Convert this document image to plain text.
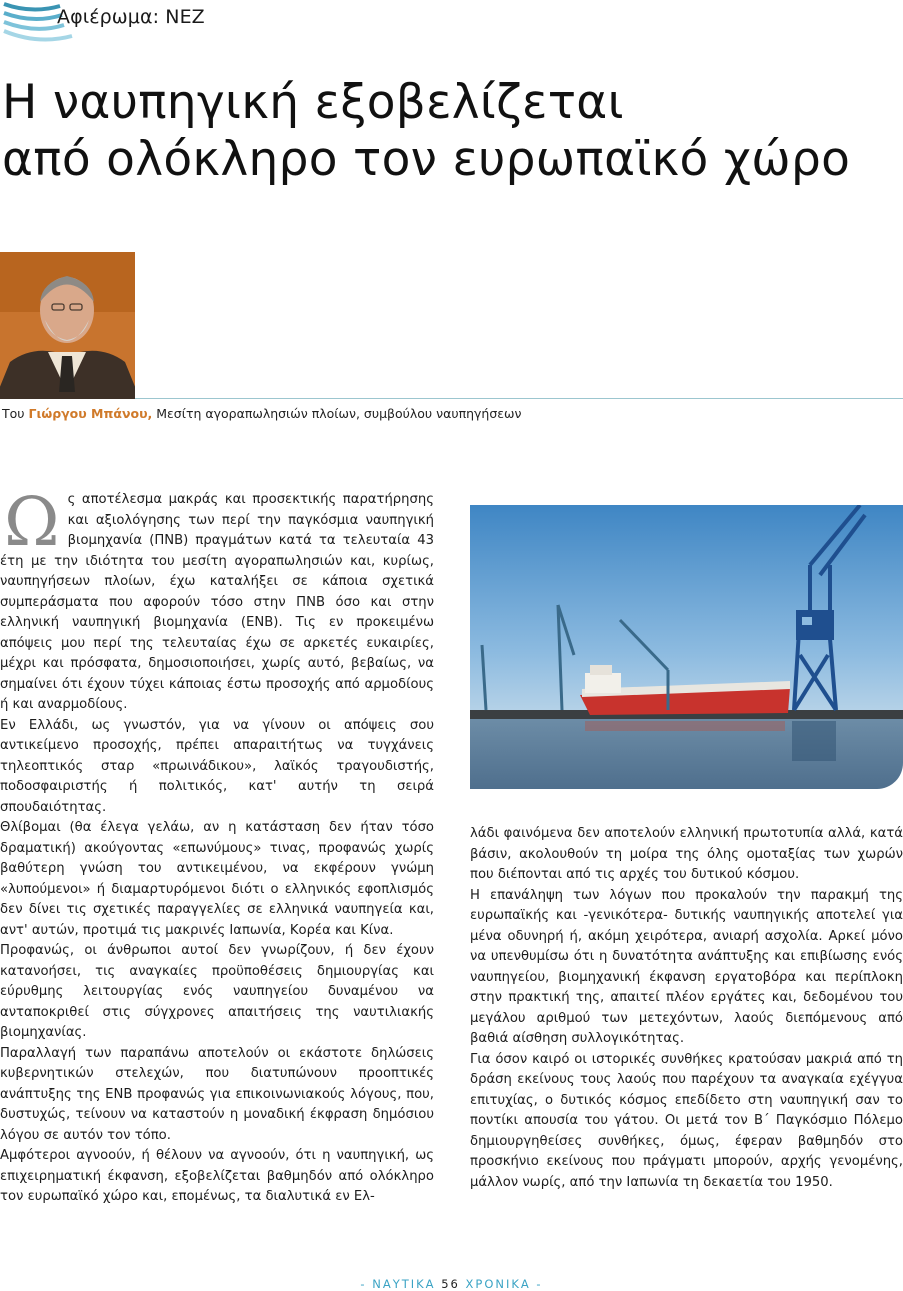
Αφιέρωμα: ΝΕΖ
Η ναυπηγική εξοβελίζεται
από ολόκληρο τον ευρωπαϊκό χώρο
Του Γιώργου Μπάνου, Μεσίτη αγοραπωλησιών πλοίων, συμβούλου ναυπηγήσεων

Ως αποτέλεσμα μακράς και προσεκτικής παρατήρησης και αξιολόγησης των περί την παγκόσμια ναυπηγική βιομηχανία (ΠΝΒ) πραγμάτων κατά τα τελευταία 43 έτη με την ιδιότητα του μεσίτη αγοραπωλησιών και, κυρίως, ναυπηγήσεων πλοίων, έχω καταλήξει σε κάποια σχετικά συμπεράσματα που αφορούν τόσο στην ΠΝΒ όσο και στην ελληνική ναυπηγική βιομηχανία (ΕΝΒ). Τις εν προκειμένω απόψεις μου περί της τελευταίας έχω σε αρκετές ευκαιρίες, μέχρι και πρόσφατα, δημοσιοποιήσει, χωρίς αυτό, βεβαίως, να σημαίνει ότι έχουν τύχει κάποιας έστω προσοχής από αρμοδίους ή και αναρμοδίους.

Εν Ελλάδι, ως γνωστόν, για να γίνουν οι απόψεις σου αντικείμενο προσοχής, πρέπει απαραιτήτως να τυγχάνεις τηλεοπτικός σταρ «πρωινάδικου», λαϊκός τραγουδιστής, ποδοσφαιριστής ή πολιτικός, κατ' αυτήν τη σειρά σπουδαιότητας.

Θλίβομαι (θα έλεγα γελάω, αν η κατάσταση δεν ήταν τόσο δραματική) ακούγοντας «επωνύμους» τινας, προφανώς χωρίς βαθύτερη γνώση του αντικειμένου, να εκφέρουν γνώμη «λυπούμενοι» ή διαμαρτυρόμενοι διότι ο ελληνικός εφοπλισμός δεν δίνει τις σχετικές παραγγελίες σε ελληνικά ναυπηγεία και, αντ' αυτών, προτιμά τις μακρινές Ιαπωνία, Κορέα και Κίνα.

Προφανώς, οι άνθρωποι αυτοί δεν γνωρίζουν, ή δεν έχουν κατανοήσει, τις αναγκαίες προϋποθέσεις δημιουργίας και εύρυθμης λειτουργίας ενός ναυπηγείου δυναμένου να ανταποκριθεί στις σύγχρονες απαιτήσεις της ναυτιλιακής βιομηχανίας.

Παραλλαγή των παραπάνω αποτελούν οι εκάστοτε δηλώσεις κυβερνητικών στελεχών, που διατυπώνουν προοπτικές ανάπτυξης της ΕΝΒ προφανώς για επικοινωνιακούς λόγους, που, δυστυχώς, τείνουν να καταστούν η μοναδική έκφραση δημόσιου λόγου σε αυτόν τον τόπο.

Αμφότεροι αγνοούν, ή θέλουν να αγνοούν, ότι η ναυπηγική, ως επιχειρηματική έκφανση, εξοβελίζεται βαθμηδόν από ολόκληρο τον ευρωπαϊκό χώρο και, επομένως, τα διαλυτικά εν Ελ-

λάδι φαινόμενα δεν αποτελούν ελληνική πρωτοτυπία αλλά, κατά βάσιν, ακολουθούν τη μοίρα της όλης ομοταξίας των χωρών που διέπονται από τις αρχές του δυτικού κόσμου.

Η επανάληψη των λόγων που προκαλούν την παρακμή της ευρωπαϊκής και -γενικότερα- δυτικής ναυπηγικής αποτελεί για μένα οδυνηρή ή, ακόμη χειρότερα, ανιαρή ασχολία. Αρκεί μόνο να υπενθυμίσω ότι η δυνατότητα ανάπτυξης και επιβίωσης ενός ναυπηγείου, βιομηχανική έκφανση εργατοβόρα και περίπλοκη στην πρακτική της, απαιτεί πλέον εργάτες και, δεδομένου του μεγάλου αριθμού των μετεχόντων, λαούς διεπόμενους από βαθιά αίσθηση συλλογικότητας.

Για όσον καιρό οι ιστορικές συνθήκες κρατούσαν μακριά από τη δράση εκείνους τους λαούς που παρέχουν τα αναγκαία εχέγγυα επιτυχίας, ο δυτικός κόσμος επεδίδετο στη ναυπηγική σαν το ποντίκι απουσία του γάτου. Οι μετά τον Β΄ Παγκόσμιο Πόλεμο δημιουργηθείσες συνθήκες, όμως, έφεραν βαθμηδόν στο προσκήνιο εκείνους που πράγματι μπορούν, αρχής γενομένης, μάλλον νωρίς, από την Ιαπωνία τη δεκαετία του 1950.

- ΝΑΥΤΙΚΑ 56 ΧΡΟΝΙΚΑ -
